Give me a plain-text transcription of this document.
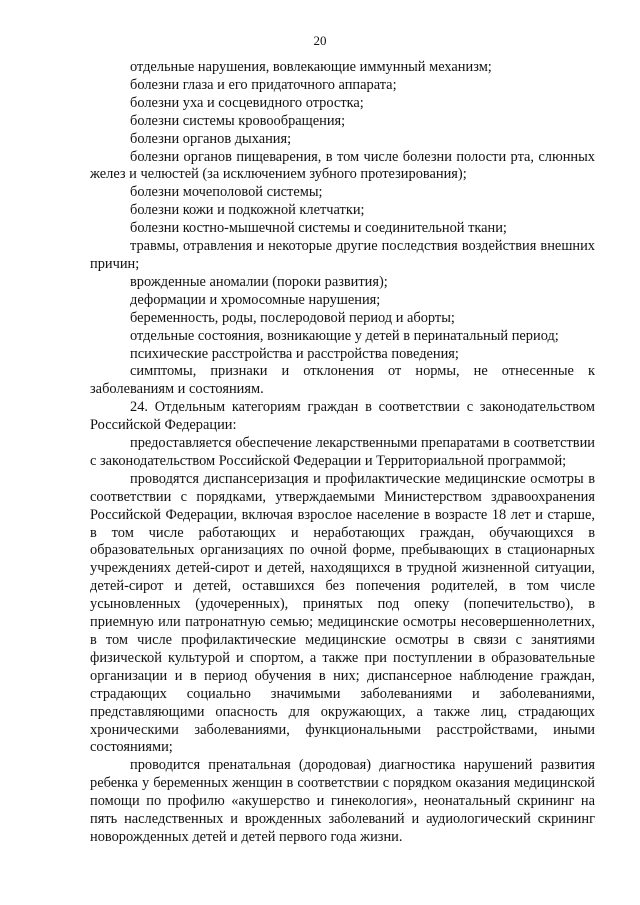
20

отдельные нарушения, вовлекающие иммунный механизм;

болезни глаза и его придаточного аппарата;

болезни уха и сосцевидного отростка;

болезни системы кровообращения;

болезни органов дыхания;

болезни органов пищеварения, в том числе болезни полости рта, слюнных желез и челюстей (за исключением зубного протезирования);

болезни мочеполовой системы;

болезни кожи и подкожной клетчатки;

болезни костно-мышечной системы и соединительной ткани;

травмы, отравления и некоторые другие последствия воздействия внешних причин;

врожденные аномалии (пороки развития);

деформации и хромосомные нарушения;

беременность, роды, послеродовой период и аборты;

отдельные состояния, возникающие у детей в перинатальный период;

психические расстройства и расстройства поведения;

симптомы, признаки и отклонения от нормы, не отнесенные к заболеваниям и состояниям.

24. Отдельным категориям граждан в соответствии с законодательством Российской Федерации:

предоставляется обеспечение лекарственными препаратами в соответствии с законодательством Российской Федерации и Территориальной программой;

проводятся диспансеризация и профилактические медицинские осмотры в соответствии с порядками, утверждаемыми Министерством здравоохранения Российской Федерации, включая взрослое население в возрасте 18 лет и старше, в том числе работающих и неработающих граждан, обучающихся в образовательных организациях по очной форме, пребывающих в стационарных учреждениях детей-сирот и детей, находящихся в трудной жизненной ситуации, детей-сирот и детей, оставшихся без попечения родителей, в том числе усыновленных (удочеренных), принятых под опеку (попечительство), в приемную или патронатную семью; медицинские осмотры несовершеннолетних, в том числе профилактические медицинские осмотры в связи с занятиями физической культурой и спортом, а также при поступлении в образовательные организации и в период обучения в них; диспансерное наблюдение граждан, страдающих социально значимыми заболеваниями и заболеваниями, представляющими опасность для окружающих, а также лиц, страдающих хроническими заболеваниями, функциональными расстройствами, иными состояниями;

проводится пренатальная (дородовая) диагностика нарушений развития ребенка у беременных женщин в соответствии с порядком оказания медицинской помощи по профилю «акушерство и гинекология», неонатальный скрининг на пять наследственных и врожденных заболеваний и аудиологический скрининг новорожденных детей и детей первого года жизни.
